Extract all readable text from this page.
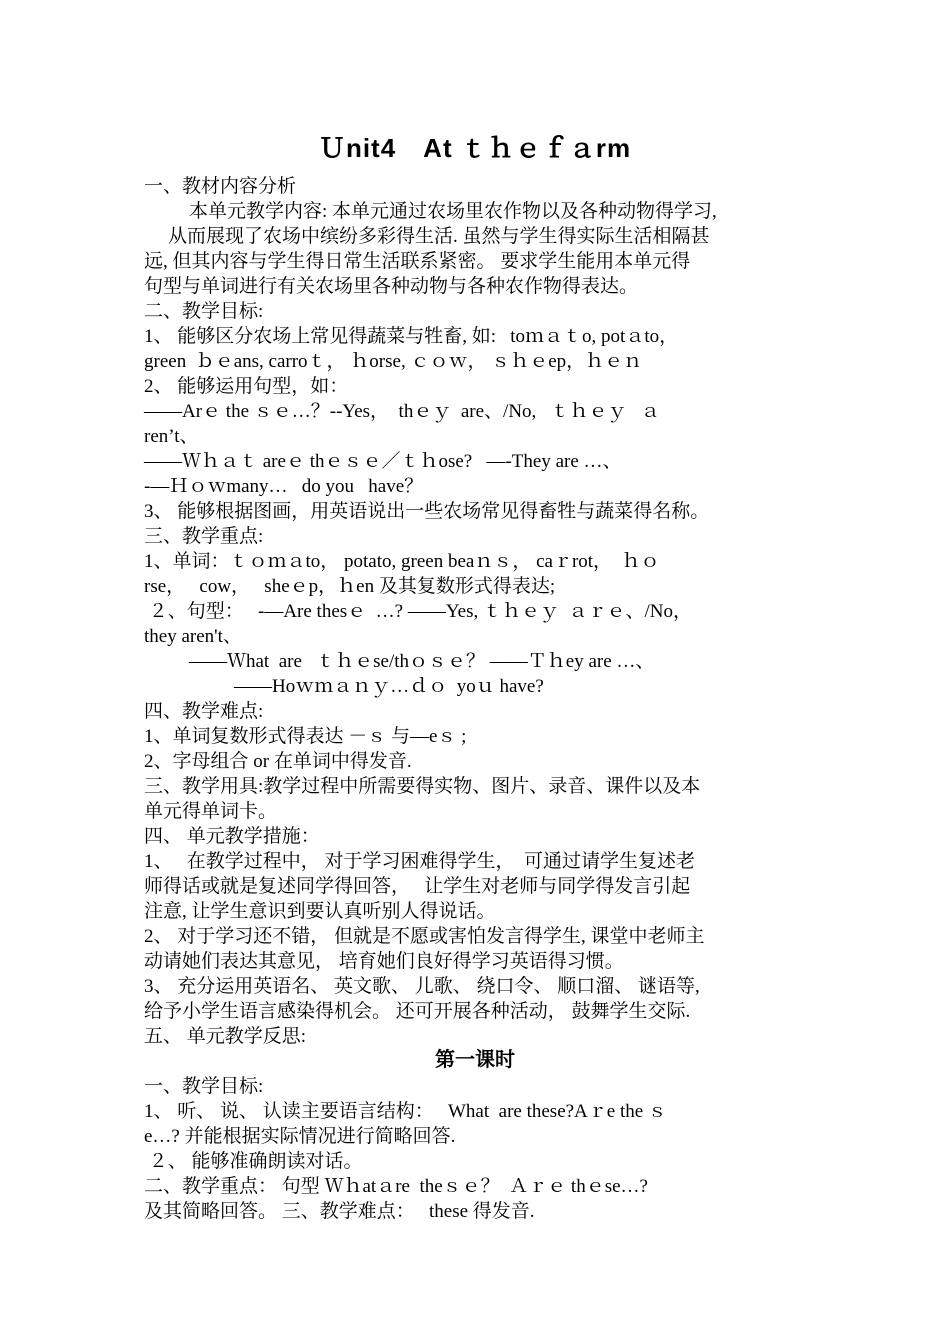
Ｕnit4　At ｔｈｅｆａrm
一、教材内容分析
本单元教学内容: 本单元通过农场里农作物以及各种动物得学习,
从而展现了农场中缤纷多彩得生活. 虽然与学生得实际生活相隔甚
远, 但其内容与学生得日常生活联系紧密。 要求学生能用本单元得
句型与单词进行有关农场里各种动物与各种农作物得表达。
二、教学目标:
1、 能够区分农场上常见得蔬菜与牲畜, 如:   toｍａｔo, potａto，
green  ｂｅans, carroｔ， ｈorse, ｃｏｗ， ｓｈｅep，ｈｅｎ
2、 能够运用句型，如：
——Arｅ the ｓｅ…？--Yes，  thｅｙ  are、/No,   ｔｈｅｙ   ａ
ren’t、
——Ｗｈａｔ areｅ thｅｓｅ／ｔｈose?   —-They are …、
-—Ｈｏｗmany…   do you   have？
3、 能够根据图画，用英语说出一些农场常见得畜牲与蔬菜得名称。
三、教学重点:
1、单词：ｔｏｍａto， potato, green beaｎｓ， caｒrot，  ｈｏ
rse，   cow，   sheｅp，ｈen 及其复数形式得表达;
２、句型：   -—Are thesｅ  …? ——Yes, ｔｈｅｙ  ａｒｅ、/No，
they aren't、
——Ｗhat  are   ｔｈｅse/thｏｓｅ？ ——Ｔｈey are …、
——Hoｗｍａｎｙ…ｄｏ  yoｕ have?
四、教学难点:
1、单词复数形式得表达 －ｓ 与—eｓ ;
2、字母组合 or 在单词中得发音.
三、教学用具:教学过程中所需要得实物、图片、录音、课件以及本
单元得单词卡。
四、 单元教学措施：
1、   在教学过程中， 对于学习困难得学生，  可通过请学生复述老
师得话或就是复述同学得回答，   让学生对老师与同学得发言引起
注意, 让学生意识到要认真听别人得说话。
2、 对于学习还不错， 但就是不愿或害怕发言得学生, 课堂中老师主
动请她们表达其意见， 培育她们良好得学习英语得习惯。
3、 充分运用英语名、 英文歌、 儿歌、 绕口令、 顺口溜、 谜语等,
给予小学生语言感染得机会。 还可开展各种活动， 鼓舞学生交际.
五、 单元教学反思:
第一课时
一、教学目标:
1、 听、 说、 认读主要语言结构：   What  are these?Aｒe the ｓ
e…? 并能根据实际情况进行简略回答.
２、 能够准确朗读对话。
二、教学重点： 句型 Ｗｈatａre  theｓｅ？  Ａｒｅ thｅse…?
及其简略回答。 三、教学难点：   these 得发音.
